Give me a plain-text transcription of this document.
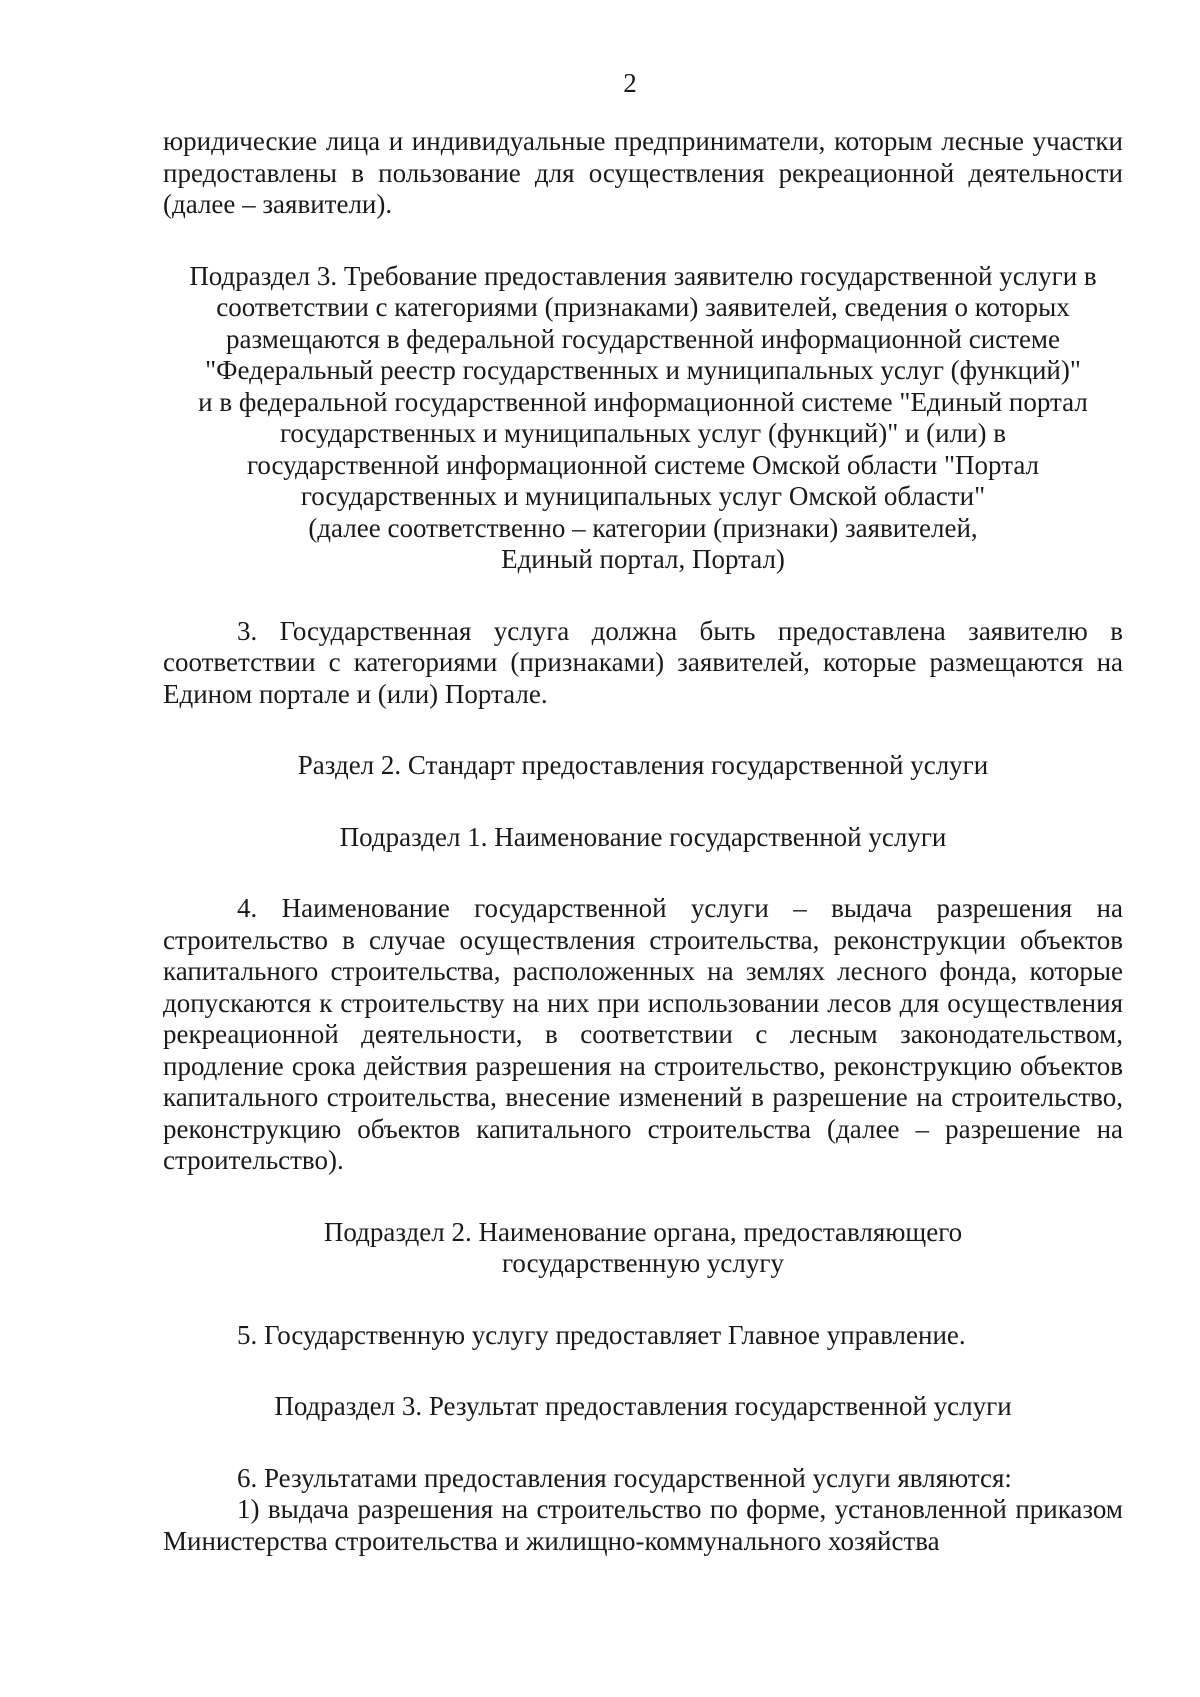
2

юридические лица и индивидуальные предприниматели, которым лесные участки предоставлены в пользование для осуществления рекреационной деятельности (далее – заявители).

Подраздел 3. Требование предоставления заявителю государственной услуги в
соответствии с категориями (признаками) заявителей, сведения о которых
размещаются в федеральной государственной информационной системе
"Федеральный реестр государственных и муниципальных услуг (функций)"
и в федеральной государственной информационной системе "Единый портал
государственных и муниципальных услуг (функций)" и (или) в
государственной информационной системе Омской области "Портал
государственных и муниципальных услуг Омской области"
(далее соответственно – категории (признаки) заявителей,
Единый портал, Портал)

3. Государственная услуга должна быть предоставлена заявителю в соответствии с категориями (признаками) заявителей, которые размещаются на Едином портале и (или) Портале.

Раздел 2. Стандарт предоставления государственной услуги

Подраздел 1. Наименование государственной услуги

4. Наименование государственной услуги – выдача разрешения на строительство в случае осуществления строительства, реконструкции объектов капитального строительства, расположенных на землях лесного фонда, которые допускаются к строительству на них при использовании лесов для осуществления рекреационной деятельности, в соответствии с лесным законодательством, продление срока действия разрешения на строительство, реконструкцию объектов капитального строительства, внесение изменений в разрешение на строительство, реконструкцию объектов капитального строительства (далее – разрешение на строительство).

Подраздел 2. Наименование органа, предоставляющего
государственную услугу

5. Государственную услугу предоставляет Главное управление.

Подраздел 3. Результат предоставления государственной услуги

6. Результатами предоставления государственной услуги являются:

1) выдача разрешения на строительство по форме, установленной приказом Министерства строительства и жилищно-коммунального хозяйства
